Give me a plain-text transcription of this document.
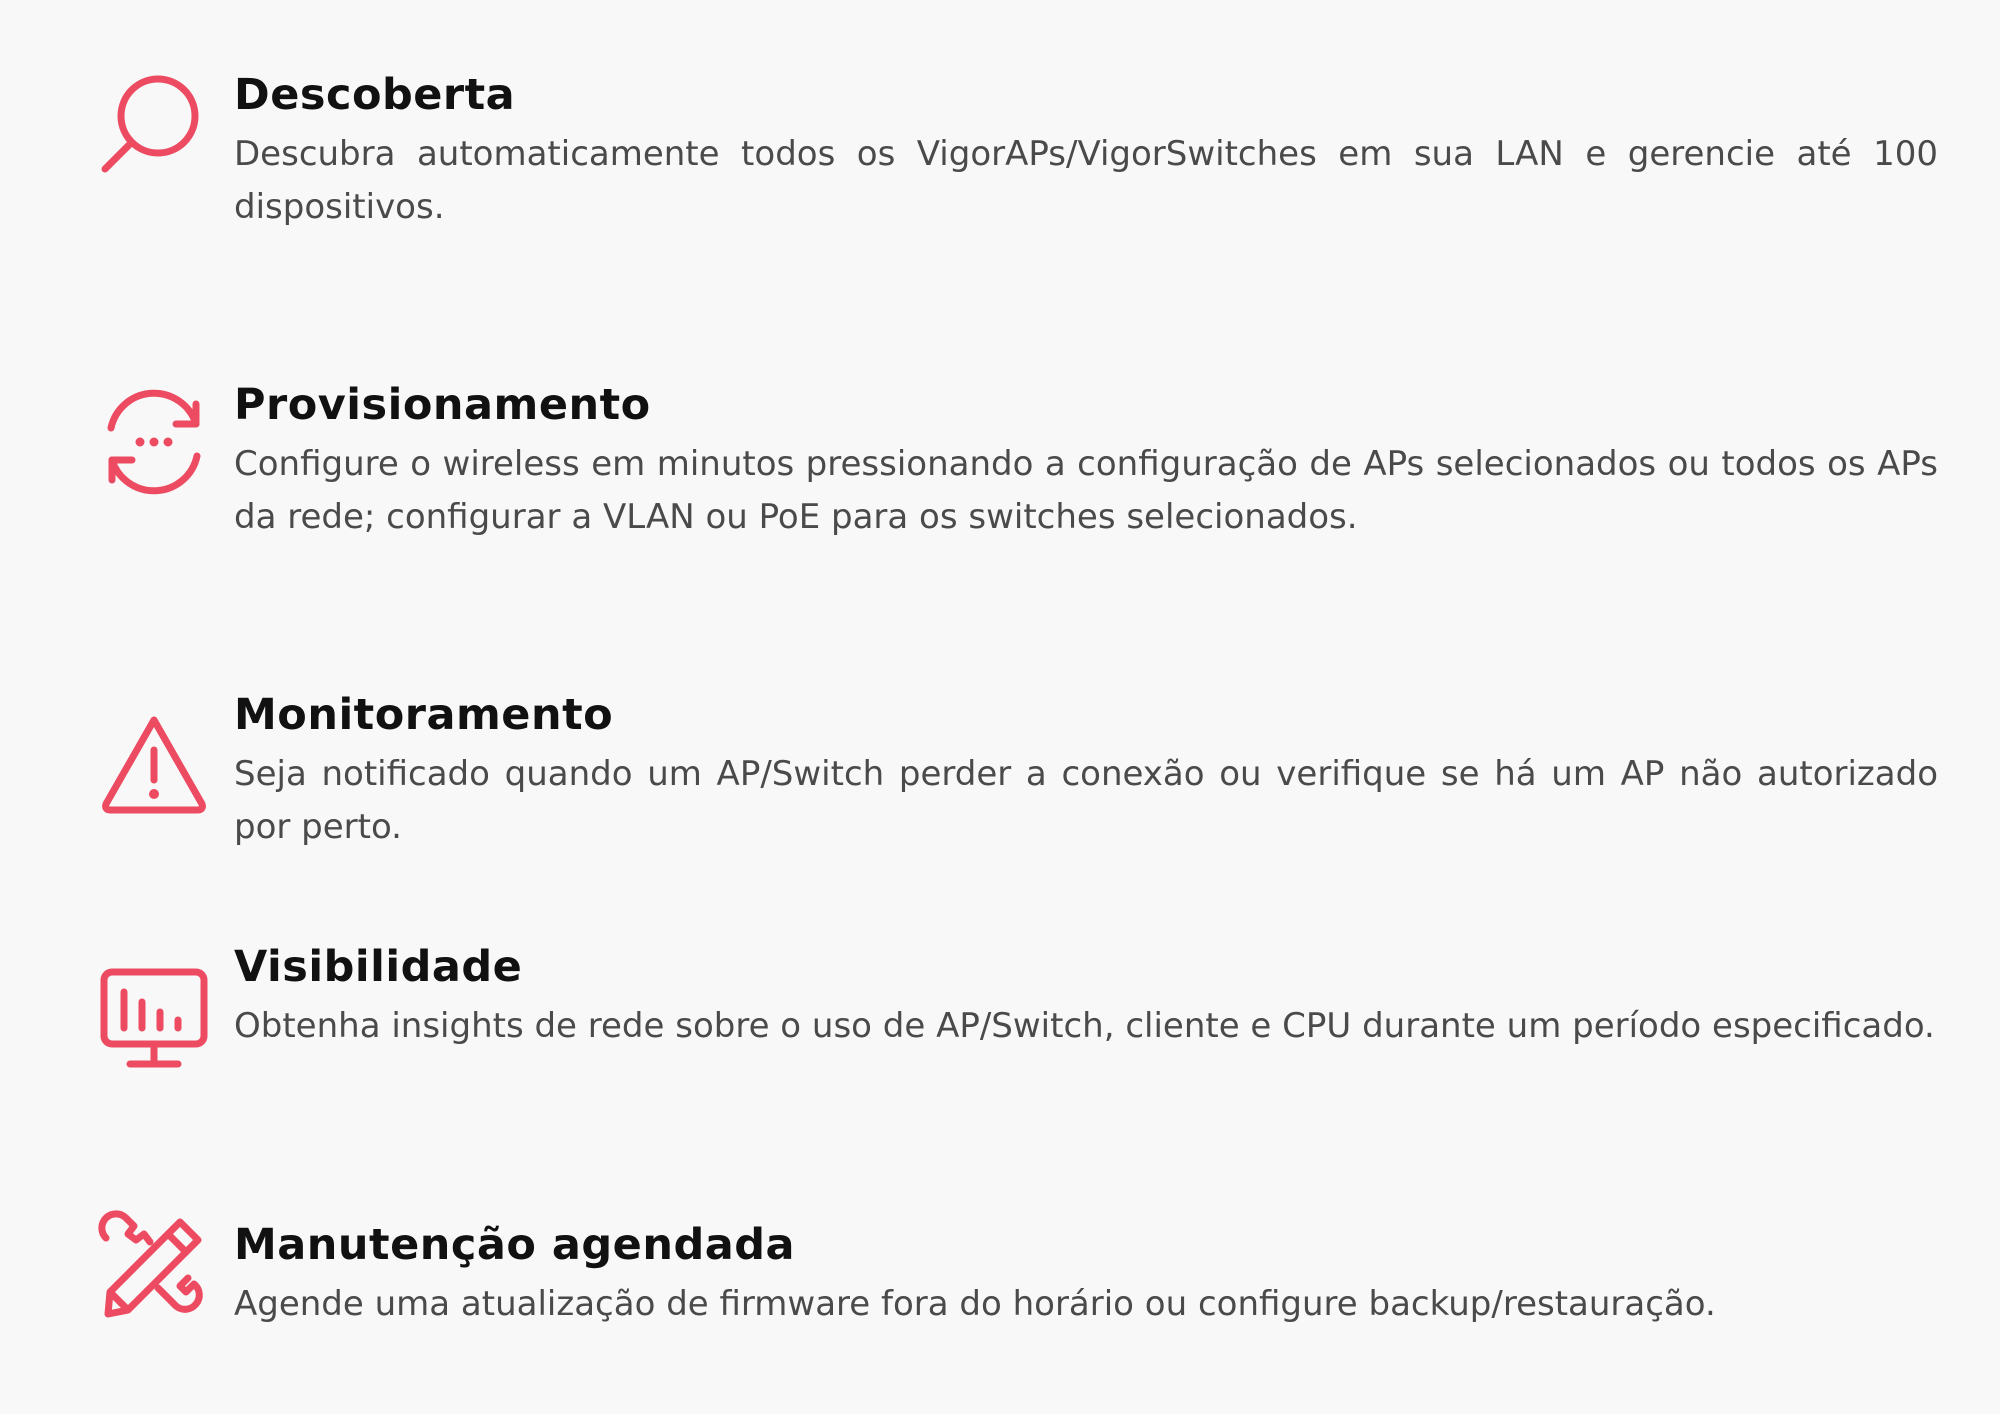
Descoberta

Descubra automaticamente todos os VigorAPs/VigorSwitches em sua LAN e gerencie até 100 dispositivos.

Provisionamento

Configure o wireless em minutos pressionando a configuração de APs selecionados ou todos os APs da rede; configurar a VLAN ou PoE para os switches selecionados.

Monitoramento

Seja notificado quando um AP/Switch perder a conexão ou verifique se há um AP não autorizado por perto.

Visibilidade

Obtenha insights de rede sobre o uso de AP/Switch, cliente e CPU durante um período especificado.

Manutenção agendada

Agende uma atualização de firmware fora do horário ou configure backup/restauração.
